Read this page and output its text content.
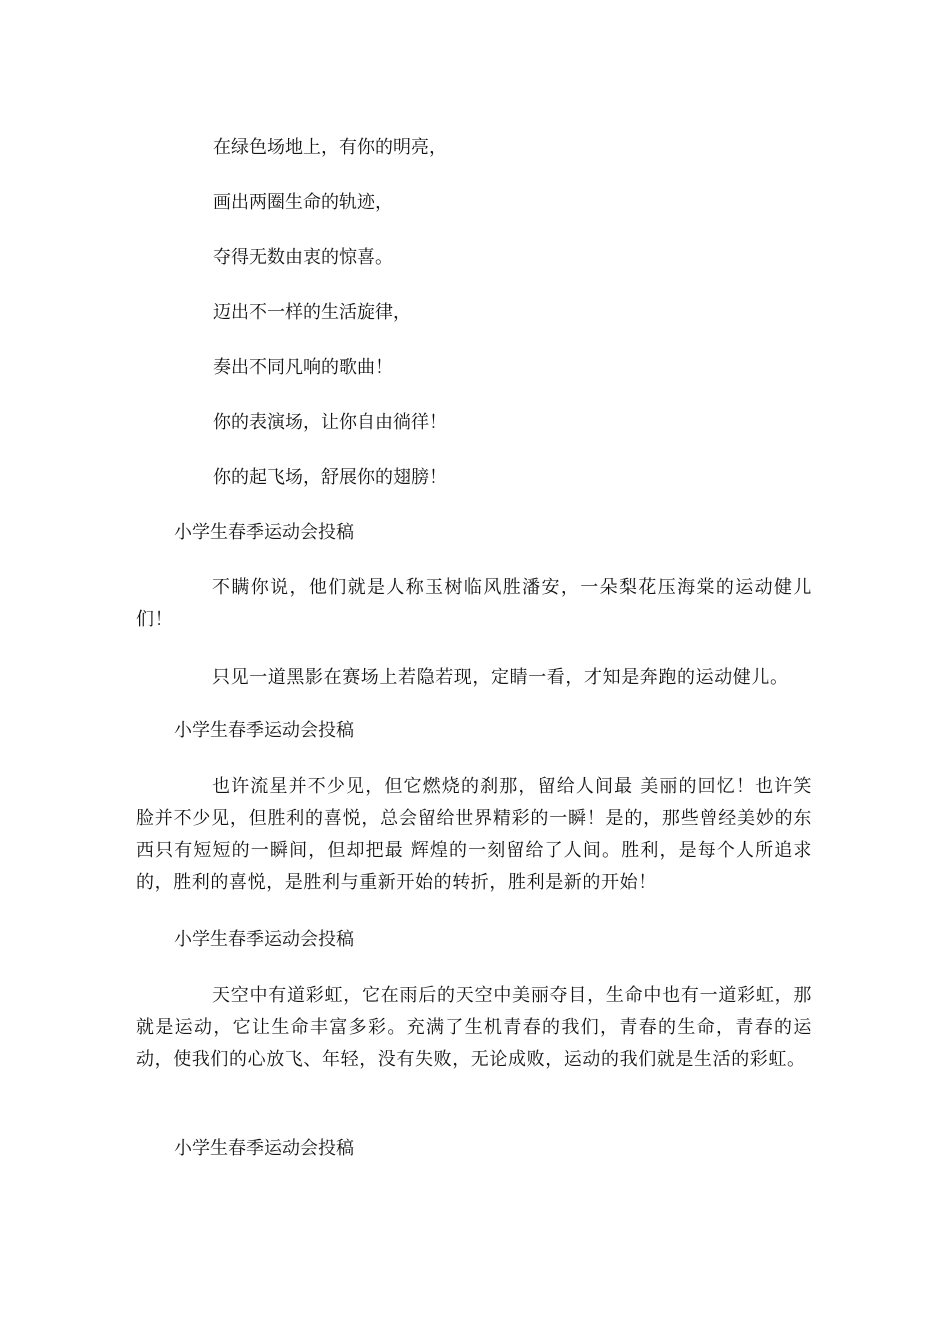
在绿色场地上，有你的明亮，
画出两圈生命的轨迹，
夺得无数由衷的惊喜。
迈出不一样的生活旋律，
奏出不同凡响的歌曲！
你的表演场，让你自由徜徉！
你的起飞场，舒展你的翅膀！
小学生春季运动会投稿
不瞒你说，他们就是人称玉树临风胜潘安，一朵梨花压海棠的运动健儿们！
只见一道黑影在赛场上若隐若现，定睛一看，才知是奔跑的运动健儿。
小学生春季运动会投稿
也许流星并不少见，但它燃烧的刹那，留给人间最 美丽的回忆！也许笑脸并不少见，但胜利的喜悦，总会留给世界精彩的一瞬！是的，那些曾经美妙的东西只有短短的一瞬间，但却把最 辉煌的一刻留给了人间。胜利，是每个人所追求的，胜利的喜悦，是胜利与重新开始的转折，胜利是新的开始！
小学生春季运动会投稿
天空中有道彩虹，它在雨后的天空中美丽夺目，生命中也有一道彩虹，那就是运动，它让生命丰富多彩。充满了生机青春的我们，青春的生命，青春的运动，使我们的心放飞、年轻，没有失败，无论成败，运动的我们就是生活的彩虹。
小学生春季运动会投稿
